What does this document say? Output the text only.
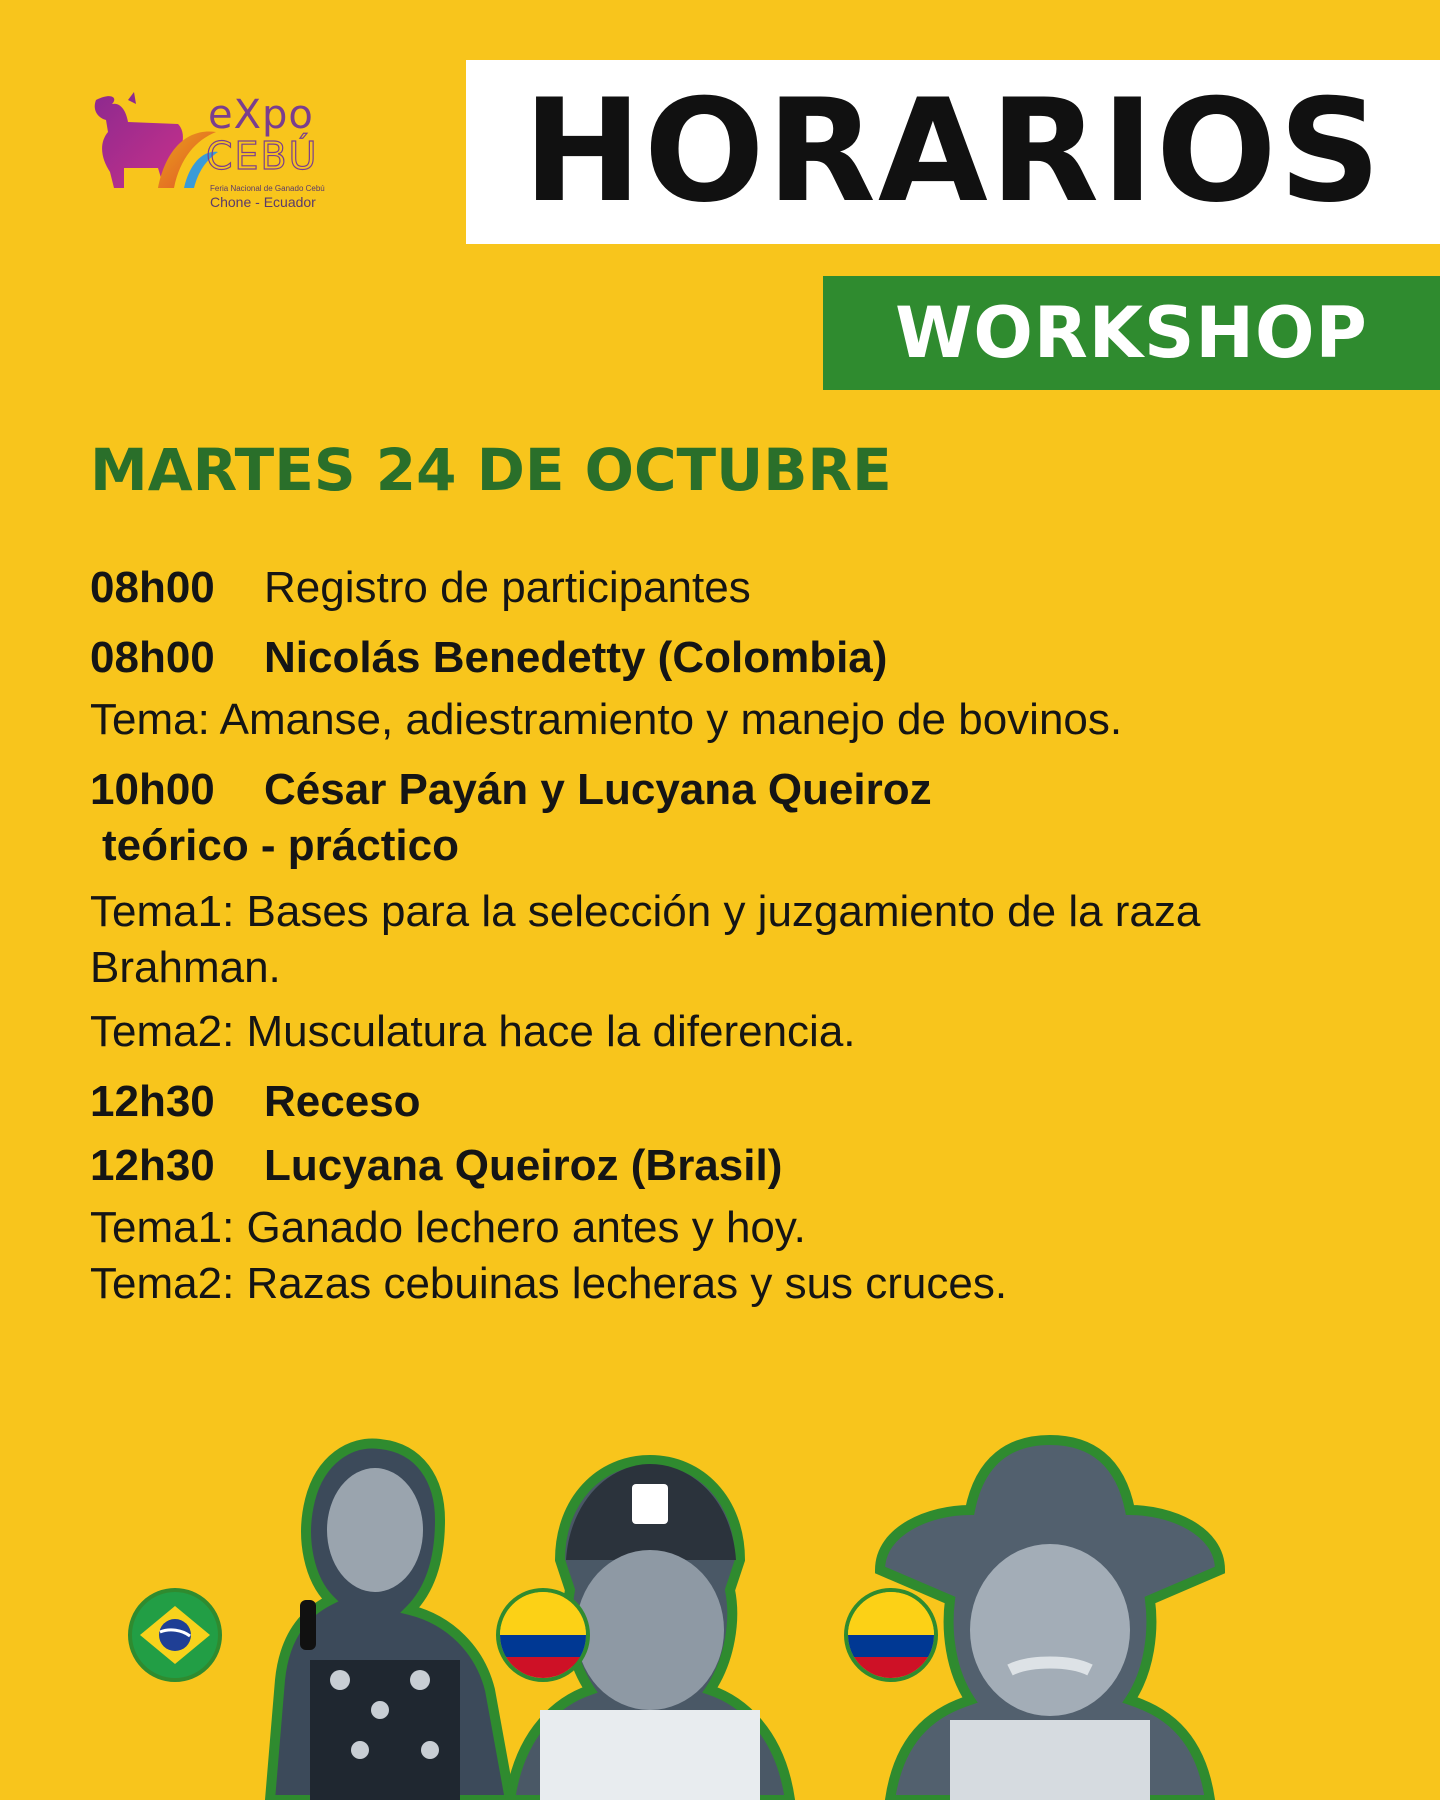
eXpo
CEBÚ
Feria Nacional de Ganado Cebú
Chone - Ecuador HORARIOS
WORKSHOP
MARTES 24 DE OCTUBRE
08h00 Registro de participantes
08h00 Nicolás Benedetty (Colombia)
Tema: Amanse, adiestramiento y manejo de bovinos.
10h00 César Payán y Lucyana Queiroz
teórico - práctico
Tema1: Bases para la selección y juzgamiento de la raza
Brahman.
Tema2: Musculatura hace la diferencia.
12h30 Receso
12h30 Lucyana Queiroz (Brasil)
Tema1: Ganado lechero antes y hoy.
Tema2: Razas cebuinas lecheras y sus cruces.
